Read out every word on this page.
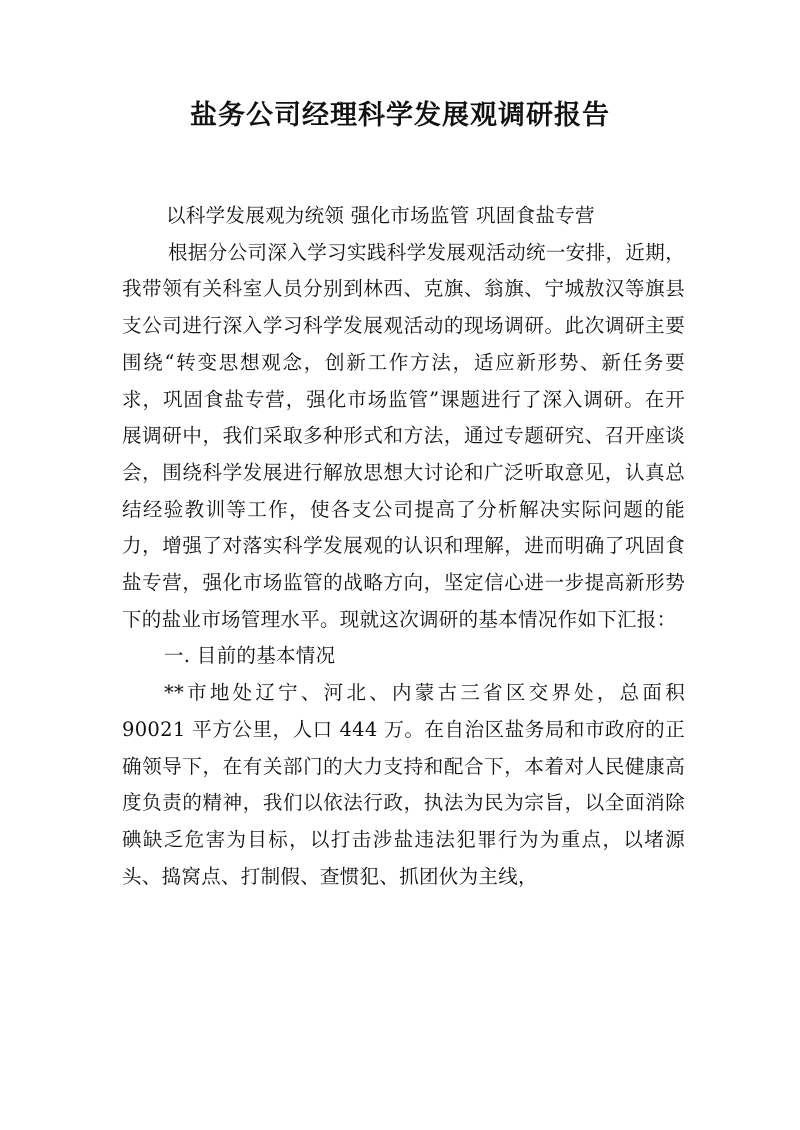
盐务公司经理科学发展观调研报告

以科学发展观为统领 强化市场监管 巩固食盐专营

根据分公司深入学习实践科学发展观活动统一安排，近期，我带领有关科室人员分别到林西、克旗、翁旗、宁城敖汉等旗县支公司进行深入学习科学发展观活动的现场调研。此次调研主要围绕“转变思想观念，创新工作方法，适应新形势、新任务要求，巩固食盐专营，强化市场监管”课题进行了深入调研。在开展调研中，我们采取多种形式和方法，通过专题研究、召开座谈会，围绕科学发展进行解放思想大讨论和广泛听取意见，认真总结经验教训等工作，使各支公司提高了分析解决实际问题的能力，增强了对落实科学发展观的认识和理解，进而明确了巩固食盐专营，强化市场监管的战略方向，坚定信心进一步提高新形势下的盐业市场管理水平。现就这次调研的基本情况作如下汇报：

一. 目前的基本情况

**市地处辽宁、河北、内蒙古三省区交界处，总面积 90021 平方公里，人口 444 万。在自治区盐务局和市政府的正确领导下，在有关部门的大力支持和配合下，本着对人民健康高度负责的精神，我们以依法行政，执法为民为宗旨，以全面消除碘缺乏危害为目标，以打击涉盐违法犯罪行为为重点，以堵源头、捣窝点、打制假、查惯犯、抓团伙为主线，
